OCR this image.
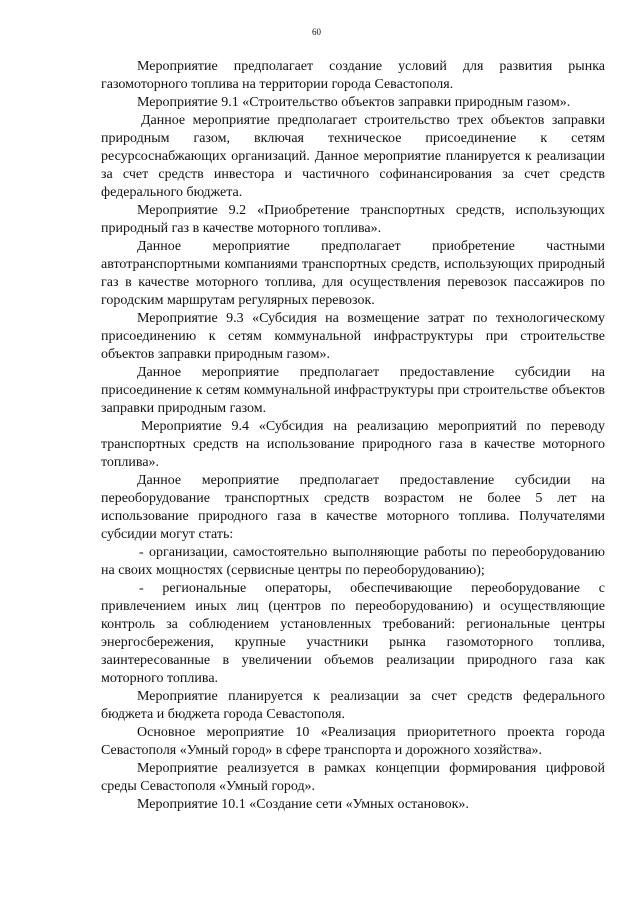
60

Мероприятие предполагает создание условий для развития рынка газомоторного топлива на территории города Севастополя.

Мероприятие 9.1 «Строительство объектов заправки природным газом».

Данное мероприятие предполагает строительство трех объектов заправки природным газом, включая техническое присоединение к сетям ресурсоснабжающих организаций. Данное мероприятие планируется к реализации за счет средств инвестора и частичного софинансирования за счет средств федерального бюджета.

Мероприятие 9.2 «Приобретение транспортных средств, использующих природный газ в качестве моторного топлива».

Данное мероприятие предполагает приобретение частными автотранспортными компаниями транспортных средств, использующих природный газ в качестве моторного топлива, для осуществления перевозок пассажиров по городским маршрутам регулярных перевозок.

Мероприятие 9.3 «Субсидия на возмещение затрат по технологическому присоединению к сетям коммунальной инфраструктуры при строительстве объектов заправки природным газом».

Данное мероприятие предполагает предоставление субсидии на присоединение к сетям коммунальной инфраструктуры при строительстве объектов заправки природным газом.

Мероприятие 9.4 «Субсидия на реализацию мероприятий по переводу транспортных средств на использование природного газа в качестве моторного топлива».

Данное мероприятие предполагает предоставление субсидии на переоборудование транспортных средств возрастом не более 5 лет на использование природного газа в качестве моторного топлива. Получателями субсидии могут стать:

- организации, самостоятельно выполняющие работы по переоборудованию на своих мощностях (сервисные центры по переоборудованию);

- региональные операторы, обеспечивающие переоборудование с привлечением иных лиц (центров по переоборудованию) и осуществляющие контроль за соблюдением установленных требований: региональные центры энергосбережения, крупные участники рынка газомоторного топлива, заинтересованные в увеличении объемов реализации природного газа как моторного топлива.

Мероприятие планируется к реализации за счет средств федерального бюджета и бюджета города Севастополя.

Основное мероприятие 10 «Реализация приоритетного проекта города Севастополя «Умный город» в сфере транспорта и дорожного хозяйства».

Мероприятие реализуется в рамках концепции формирования цифровой среды Севастополя «Умный город».

Мероприятие 10.1 «Создание сети «Умных остановок».
